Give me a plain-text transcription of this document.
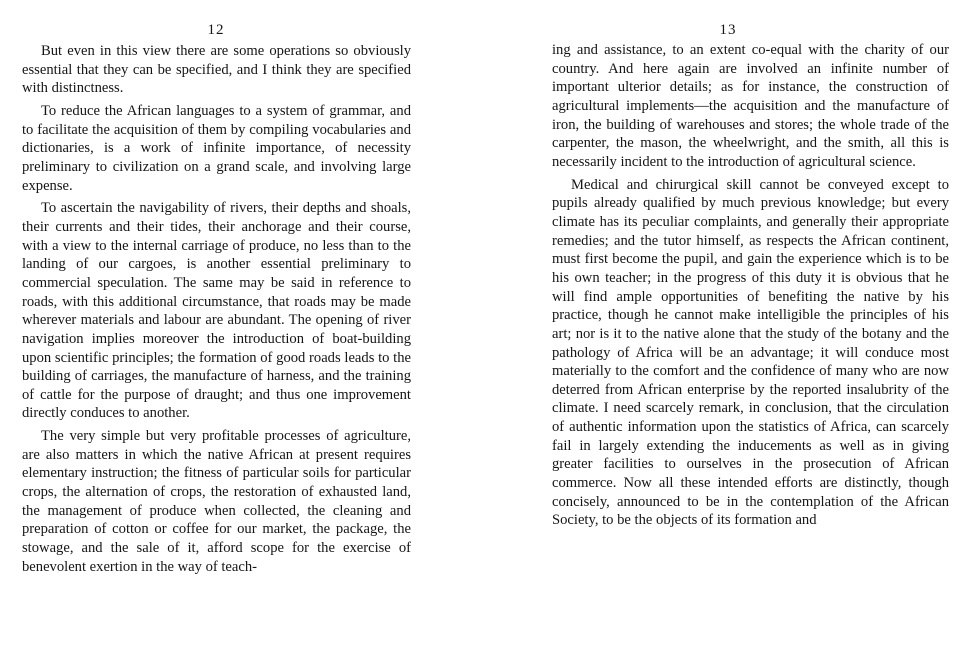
12

But even in this view there are some operations so obviously essential that they can be specified, and I think they are specified with distinctness.

To reduce the African languages to a system of grammar, and to facilitate the acquisition of them by compiling vocabularies and dictionaries, is a work of infinite importance, of necessity preliminary to civilization on a grand scale, and involving large expense.

To ascertain the navigability of rivers, their depths and shoals, their currents and their tides, their anchorage and their course, with a view to the internal carriage of produce, no less than to the landing of our cargoes, is another essential preliminary to commercial speculation. The same may be said in reference to roads, with this additional circumstance, that roads may be made wherever materials and labour are abundant. The opening of river navigation implies moreover the introduction of boat-building upon scientific principles; the formation of good roads leads to the building of carriages, the manufacture of harness, and the training of cattle for the purpose of draught; and thus one improvement directly conduces to another.

The very simple but very profitable processes of agriculture, are also matters in which the native African at present requires elementary instruction; the fitness of particular soils for particular crops, the alternation of crops, the restoration of exhausted land, the management of produce when collected, the cleaning and preparation of cotton or coffee for our market, the package, the stowage, and the sale of it, afford scope for the exercise of benevolent exertion in the way of teach-

13

ing and assistance, to an extent co-equal with the charity of our country. And here again are involved an infinite number of important ulterior details; as for instance, the construction of agricultural implements—the acquisition and the manufacture of iron, the building of warehouses and stores; the whole trade of the carpenter, the mason, the wheelwright, and the smith, all this is necessarily incident to the introduction of agricultural science.

Medical and chirurgical skill cannot be conveyed except to pupils already qualified by much previous knowledge; but every climate has its peculiar complaints, and generally their appropriate remedies; and the tutor himself, as respects the African continent, must first become the pupil, and gain the experience which is to be his own teacher; in the progress of this duty it is obvious that he will find ample opportunities of benefiting the native by his practice, though he cannot make intelligible the principles of his art; nor is it to the native alone that the study of the botany and the pathology of Africa will be an advantage; it will conduce most materially to the comfort and the confidence of many who are now deterred from African enterprise by the reported insalubrity of the climate. I need scarcely remark, in conclusion, that the circulation of authentic information upon the statistics of Africa, can scarcely fail in largely extending the inducements as well as in giving greater facilities to ourselves in the prosecution of African commerce. Now all these intended efforts are distinctly, though concisely, announced to be in the contemplation of the African Society, to be the objects of its formation and
